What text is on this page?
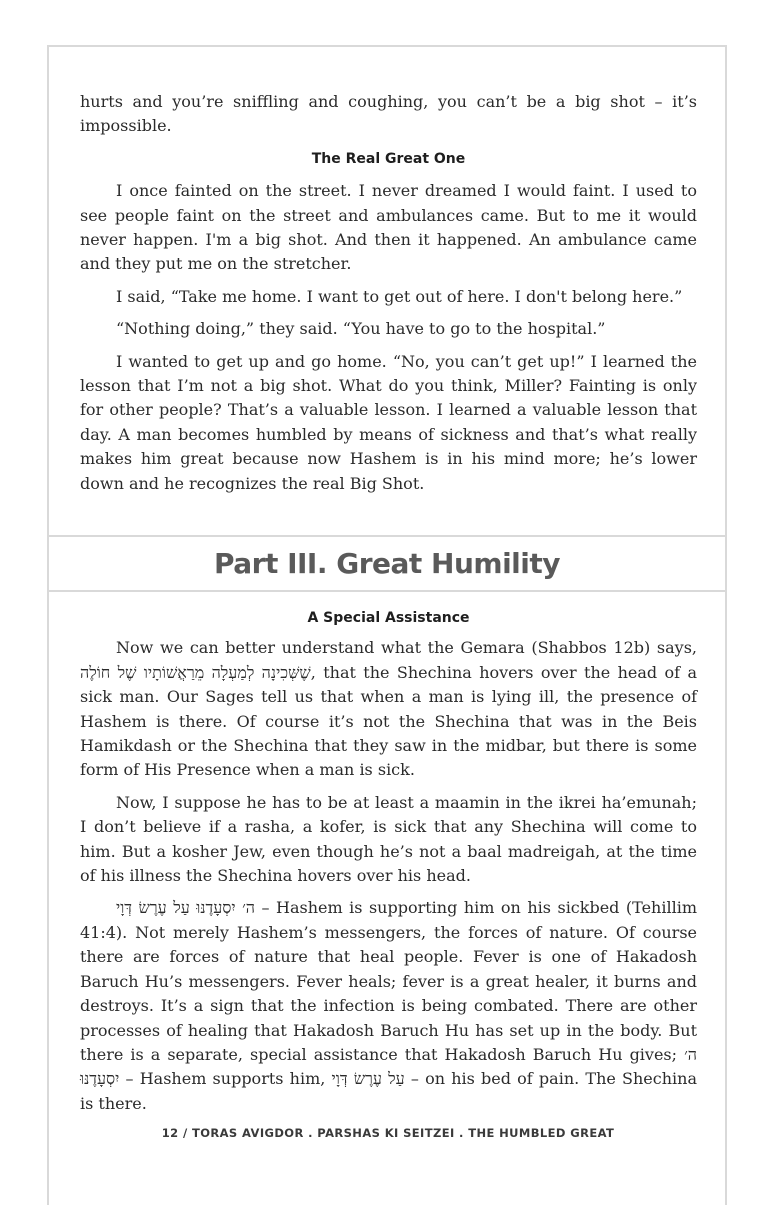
hurts and you’re sniffling and coughing, you can’t be a big shot – it’s impossible.

The Real Great One

I once fainted on the street. I never dreamed I would faint. I used to see people faint on the street and ambulances came. But to me it would never happen. I'm a big shot. And then it happened. An ambulance came and they put me on the stretcher.

I said, “Take me home. I want to get out of here. I don't belong here.”

“Nothing doing,” they said. “You have to go to the hospital.”

I wanted to get up and go home. “No, you can’t get up!” I learned the lesson that I’m not a big shot. What do you think, Miller? Fainting is only for other people? That’s a valuable lesson. I learned a valuable lesson that day. A man becomes humbled by means of sickness and that’s what really makes him great because now Hashem is in his mind more; he’s lower down and he recognizes the real Big Shot.

Part III. Great Humility

A Special Assistance

Now we can better understand what the Gemara (Shabbos 12b) says, שֶׁשְּׁכִינָה לְמַעְלָה מֵרַאֲשׁוֹתָיו שֶׁל חוֹלֶה, that the Shechina hovers over the head of a sick man. Our Sages tell us that when a man is lying ill, the presence of Hashem is there. Of course it’s not the Shechina that was in the Beis Hamikdash or the Shechina that they saw in the midbar, but there is some form of His Presence when a man is sick.

Now, I suppose he has to be at least a maamin in the ikrei ha’emunah; I don’t believe if a rasha, a kofer, is sick that any Shechina will come to him. But a kosher Jew, even though he’s not a baal madreigah, at the time of his illness the Shechina hovers over his head.

ה׳ יִסְעָדֶנּוּ עַל עֶרֶשׂ דְּוָי – Hashem is supporting him on his sickbed (Tehillim 41:4). Not merely Hashem’s messengers, the forces of nature. Of course there are forces of nature that heal people. Fever is one of Hakadosh Baruch Hu’s messengers. Fever heals; fever is a great healer, it burns and destroys. It’s a sign that the infection is being combated. There are other processes of healing that Hakadosh Baruch Hu has set up in the body. But there is a separate, special assistance that Hakadosh Baruch Hu gives; ה׳ יִסְעָדֶנּוּ – Hashem supports him, עַל עֶרֶשׂ דְּוָי – on his bed of pain. The Shechina is there.

12 / TORAS AVIGDOR . PARSHAS KI SEITZEI . THE HUMBLED GREAT
